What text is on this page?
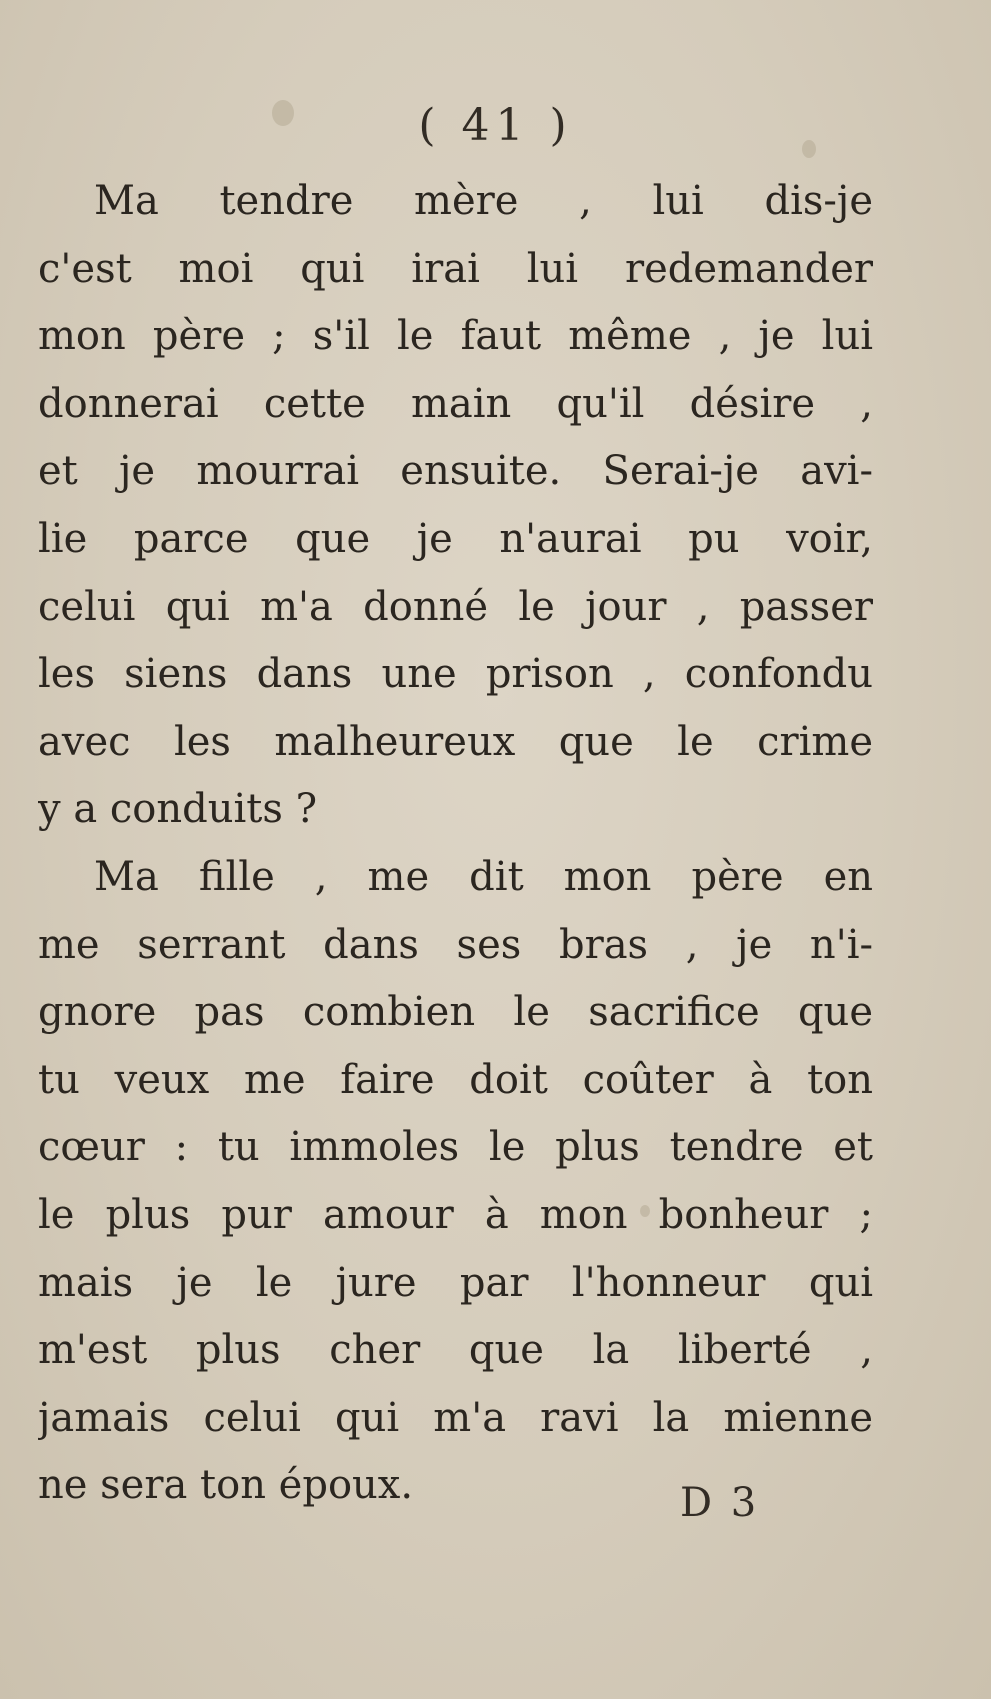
( 41 )
Ma tendre mère , lui dis-je
c'est moi qui irai lui redemander
mon père ; s'il le faut même , je lui
donnerai cette main qu'il désire ,
et je mourrai ensuite. Serai-je avi-
lie parce que je n'aurai pu voir,
celui qui m'a donné le jour , passer
les siens dans une prison , confondu
avec les malheureux que le crime
y a conduits ?
Ma fille , me dit mon père en
me serrant dans ses bras , je n'i-
gnore pas combien le sacrifice que
tu veux me faire doit coûter à ton
cœur : tu immoles le plus tendre et
le plus pur amour à mon bonheur ;
mais je le jure par l'honneur qui
m'est plus cher que la liberté ,
jamais celui qui m'a ravi la mienne
ne sera ton époux.	D 3
